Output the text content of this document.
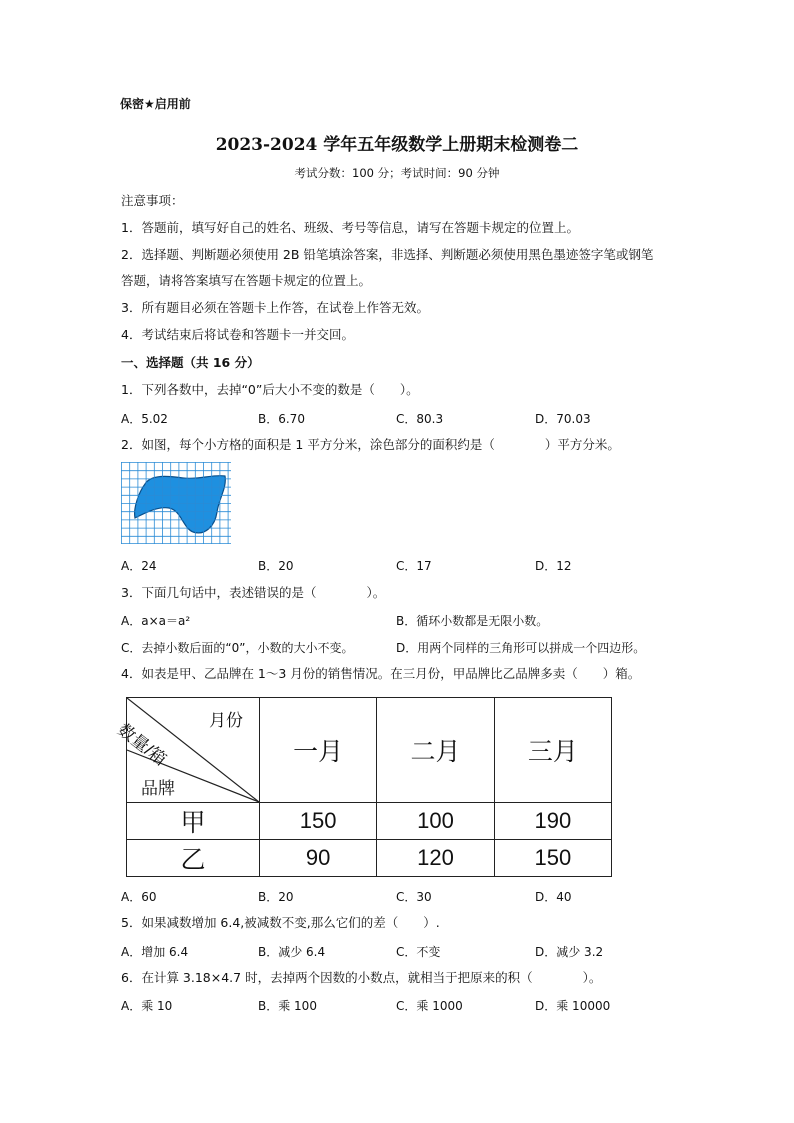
保密★启用前
2023-2024 学年五年级数学上册期末检测卷二
考试分数：100 分；考试时间：90 分钟
注意事项：
1．答题前，填写好自己的姓名、班级、考号等信息，请写在答题卡规定的位置上。
2．选择题、判断题必须使用 2B 铅笔填涂答案，非选择、判断题必须使用黑色墨迹签字笔或钢笔
答题，请将答案填写在答题卡规定的位置上。
3．所有题目必须在答题卡上作答，在试卷上作答无效。
4．考试结束后将试卷和答题卡一并交回。
一、选择题（共 16 分）
1．下列各数中，去掉“0”后大小不变的数是（　　）。
A．5.02	B．6.70	C．80.3	D．70.03
2．如图，每个小方格的面积是 1 平方分米，涂色部分的面积约是（　　　　）平方分米。
A．24	B．20	C．17	D．12
3．下面几句话中，表述错误的是（　　　　）。
A．a×a＝a²	B．循环小数都是无限小数。
C．去掉小数后面的“0”，小数的大小不变。	D．用两个同样的三角形可以拼成一个四边形。
4．如表是甲、乙品牌在 1～3 月份的销售情况。在三月份，甲品牌比乙品牌多卖（　　）箱。
月份
数量/箱
品牌	一月	二月	三月
甲	150	100	190
乙	90	120	150
A．60	B．20	C．30	D．40
5．如果减数增加 6.4,被减数不变,那么它们的差（　　）.
A．增加 6.4	B．减少 6.4	C．不变	D．减少 3.2
6．在计算 3.18×4.7 时，去掉两个因数的小数点，就相当于把原来的积（　　　　）。
A．乘 10	B．乘 100	C．乘 1000	D．乘 10000
